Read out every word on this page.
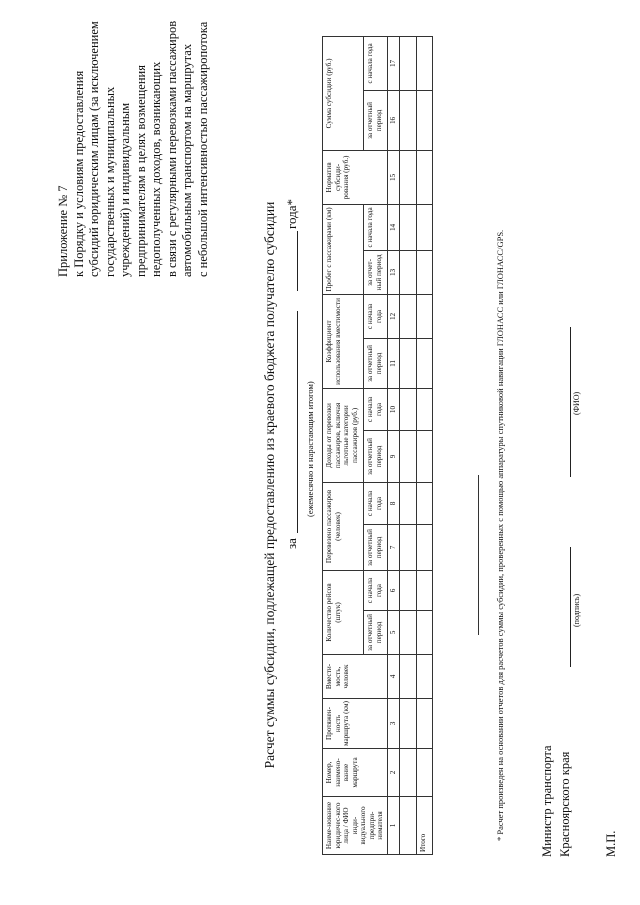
Приложение № 7 к Порядку и условиям предоставления субсидий юридическим лицам (за исключением государственных и муниципальных учреждений) и индивидуальным предпринимателям в целях возмещения недополученных доходов, возникающих в связи с регулярными перевозками пассажиров автомобильным транспортом на маршрутах с небольшой интенсивностью пассажиропотока
Расчет суммы субсидии, подлежащей предоставлению из краевого бюджета получателю субсидии за
года*
(ежемесячно и нарастающим итогом)
Наиме-нование юридичес-кого лица / ФИО инди-видуального предпри-нимателя	Номер, наимено-вание маршрута	Протяжен-ность маршрута (км)	Вмести-мость, человек	Количество рейсов (штук)		Перевезено пассажиров (человек)		Доходы от перевозки пассажиров, включая льготные категории пассажиров (руб.)		Коэффициент использования вместимости		Пробег с пассажирами (км)		Норматив субсиди-рования (руб.)	Сумма субсидии (руб.)	
				за отчетный период	с начала года	за отчетный период	с начала года	за отчетный период	с начала года	за отчетный период	с начала года	за отчет-ный период	с начала года		за отчетный период	с начала года
1	2	3	4	5	6	7	8	9	10	11	12	13	14	15	16	17

Итого																
* Расчет произведен на основании отчетов для расчетов суммы субсидии, проверенных с помощью аппаратуры спутниковой навигации ГЛОНАСС или ГЛОНАСС/GPS.	Министр транспорта Красноярского края
(подпись)
(ФИО)
М.П.
